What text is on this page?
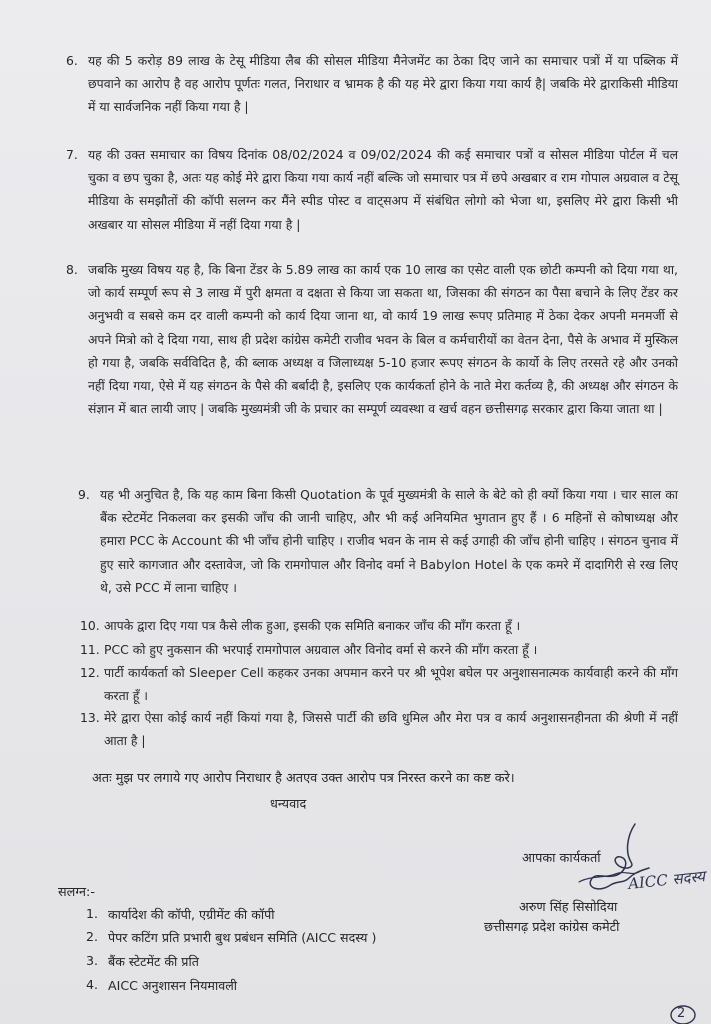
6. यह की 5 करोड़ 89 लाख के टेसू मीडिया लैब की सोसल मीडिया मैनेजमेंट का ठेका दिए जाने का समाचार पत्रों में या पब्लिक में छपवाने का आरोप है वह आरोप पूर्णतः गलत, निराधार व भ्रामक है की यह मेरे द्वारा किया गया कार्य है| जबकि मेरे द्वाराकिसी मीडिया में या सार्वजनिक नहीं किया गया है |

7. यह की उक्त समाचार का विषय दिनांक 08/02/2024 व 09/02/2024 की कई समाचार पत्रों व सोसल मीडिया पोर्टल में चल चुका व छप चुका है, अतः यह कोई मेरे द्वारा किया गया कार्य नहीं बल्कि जो समाचार पत्र में छपे अखबार व राम गोपाल अग्रवाल व टेसू मीडिया के समझौतों की कॉपी सलग्न कर मैंने स्पीड पोस्ट व वाट्सअप में संबंधित लोगो को भेजा था, इसलिए मेरे द्वारा किसी भी अखबार या सोसल मीडिया में नहीं दिया गया है |

8. जबकि मुख्य विषय यह है, कि बिना टेंडर के 5.89 लाख का कार्य एक 10 लाख का एसेट वाली एक छोटी कम्पनी को दिया गया था, जो कार्य सम्पूर्ण रूप से 3 लाख में पुरी क्षमता व दक्षता से किया जा सकता था, जिसका की संगठन का पैसा बचाने के लिए टेंडर कर अनुभवी व सबसे कम दर वाली कम्पनी को कार्य दिया जाना था, वो कार्य 19 लाख रूपए प्रतिमाह में ठेका देकर अपनी मनमर्जी से अपने मित्रो को दे दिया गया, साथ ही प्रदेश कांग्रेस कमेटी राजीव भवन के बिल व कर्मचारीयों का वेतन देना, पैसे के अभाव में मुस्किल हो गया है, जबकि सर्वविदित है, की ब्लाक अध्यक्ष व जिलाध्यक्ष 5-10 हजार रूपए संगठन के कार्यो के लिए तरसते रहे और उनको नहीं दिया गया, ऐसे में यह संगठन के पैसे की बर्बादी है, इसलिए एक कार्यकर्ता होने के नाते मेरा कर्तव्य है, की अध्यक्ष और संगठन के संज्ञान में बात लायी जाए | जबकि मुख्यमंत्री जी के प्रचार का सम्पूर्ण व्यवस्था व खर्च वहन छत्तीसगढ़ सरकार द्वारा किया जाता था |

9. यह भी अनुचित है, कि यह काम बिना किसी Quotation के पूर्व मुख्यमंत्री के साले के बेटे को ही क्यों किया गया । चार साल का बैंक स्टेटमेंट निकलवा कर इसकी जाँच की जानी चाहिए, और भी कई अनियमित भुगतान हुए हैं । 6 महिनों से कोषाध्यक्ष और हमारा PCC के Account की भी जाँच होनी चाहिए । राजीव भवन के नाम से कई उगाही की जाँच होनी चाहिए । संगठन चुनाव में हुए सारे कागजात और दस्तावेज, जो कि रामगोपाल और विनोद वर्मा ने Babylon Hotel के एक कमरे में दादागिरी से रख लिए थे, उसे PCC में लाना चाहिए ।

10. आपके द्वारा दिए गया पत्र कैसे लीक हुआ, इसकी एक समिति बनाकर जाँच की माँग करता हूँ ।

11. PCC को हुए नुकसान की भरपाई रामगोपाल अग्रवाल और विनोद वर्मा से करने की माँग करता हूँ ।

12. पार्टी कार्यकर्ता को Sleeper Cell कहकर उनका अपमान करने पर श्री भूपेश बघेल पर अनुशासनात्मक कार्यवाही करने की माँग करता हूँ ।

13. मेरे द्वारा ऐसा कोई कार्य नहीं कियां गया है, जिससे पार्टी की छवि धुमिल और मेरा पत्र व कार्य अनुशासनहीनता की श्रेणी में नहीं आता है |

अतः मुझ पर लगाये गए आरोप निराधार है अतएव उक्त आरोप पत्र निरस्त करने का कष्ट करे।
धन्यवाद
आपका कार्यकर्ता
AICC सदस्य
अरुण सिंह सिसोदिया
छत्तीसगढ़ प्रदेश कांग्रेस कमेटी
सलग्न:-
1. कार्यादेश की कॉपी, एग्रीमेंट की कॉपी
2. पेपर कटिंग प्रति प्रभारी बुथ प्रबंधन समिति (AICC सदस्य )
3. बैंक स्टेटमेंट की प्रति
4. AICC अनुशासन नियमावली
2
